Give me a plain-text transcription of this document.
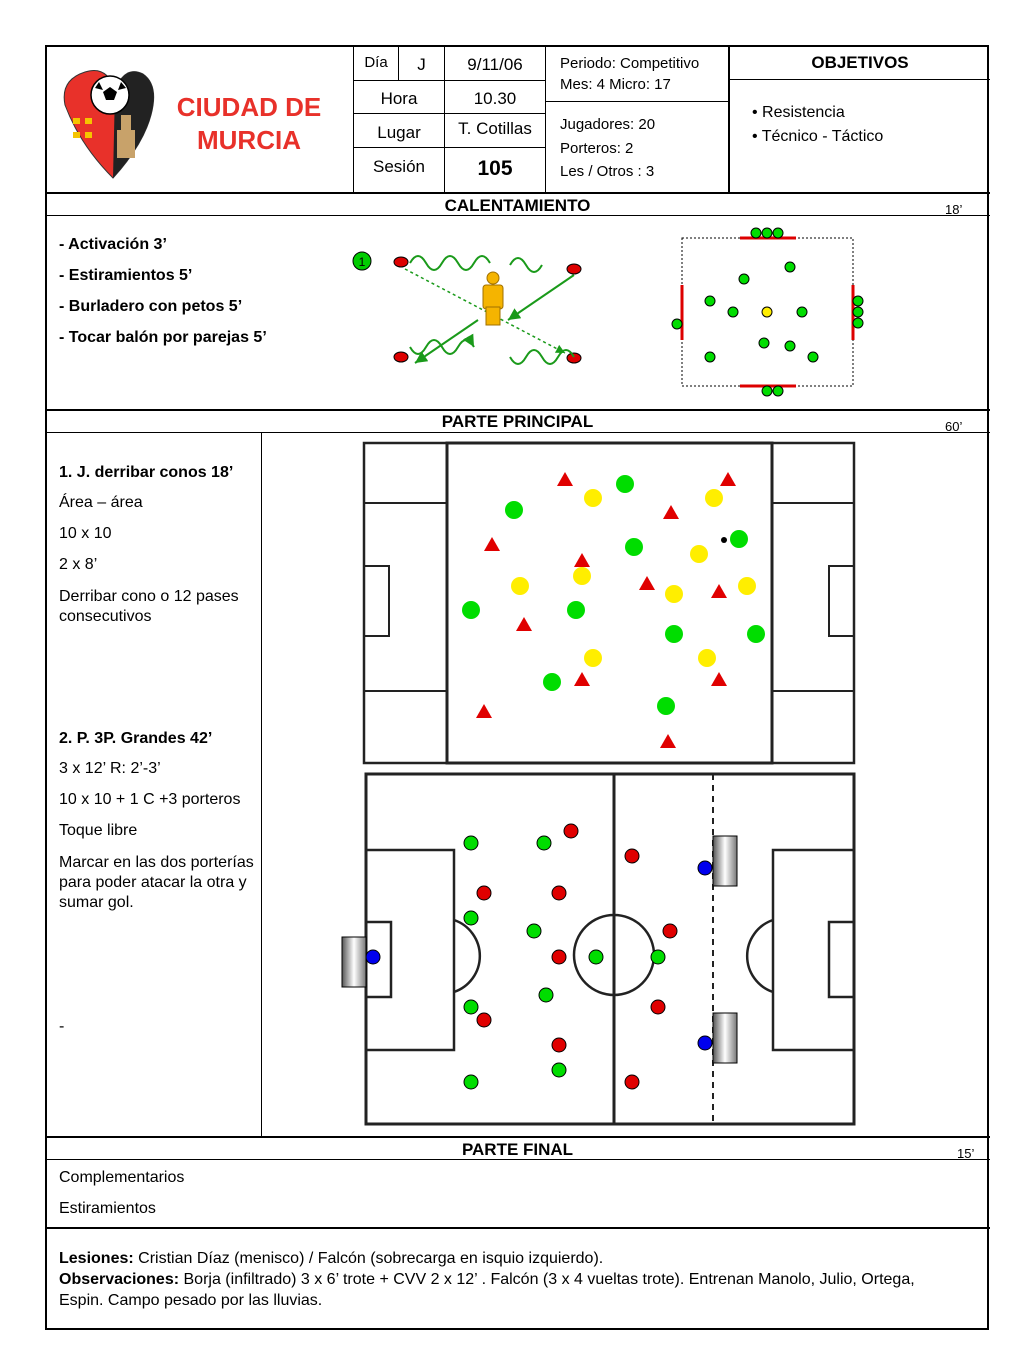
CIUDAD DE
MURCIA
Día	J	9/11/06
Hora	10.30
Lugar	T. Cotillas
Sesión	105
Periodo: Competitivo
Mes: 4 Micro: 17
Jugadores: 20
Porteros: 2
Les / Otros : 3
OBJETIVOS
• Resistencia
• Técnico - Táctico
CALENTAMIENTO	18’
- Activación 3’
- Estiramientos 5’
- Burladero con petos 5’
- Tocar balón por parejas 5’
1
PARTE PRINCIPAL	60’
1. J. derribar conos 18’
Área – área
10 x 10
2 x 8’
Derribar cono o 12 pases consecutivos
2. P. 3P. Grandes 42’
3 x 12’ R: 2’-3’
10 x 10 + 1 C +3 porteros
Toque libre
Marcar en las dos porterías para poder atacar la otra y sumar gol.
-
PARTE FINAL	15’
Complementarios
Estiramientos
Lesiones: Cristian Díaz (menisco) / Falcón (sobrecarga en isquio izquierdo).
Observaciones: Borja (infiltrado) 3 x 6’ trote + CVV 2 x 12’ . Falcón (3 x 4 vueltas trote). Entrenan Manolo, Julio, Ortega, Espin. Campo pesado por las lluvias.
